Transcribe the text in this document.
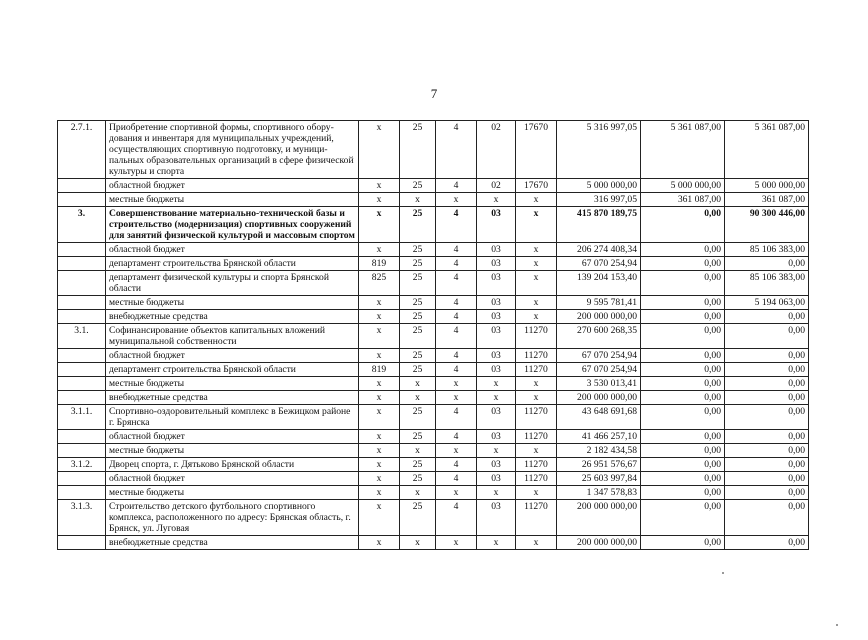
7
2.7.1.	Приобретение спортивной формы, спортивного обору-дования и инвентаря для муниципальных учреждений, осуществляющих спортивную подготовку, и муници-пальных образовательных организаций в сфере физической культуры и спорта	х	25	4	02	17670	5 316 997,05	5 361 087,00	5 361 087,00
	областной бюджет	х	25	4	02	17670	5 000 000,00	5 000 000,00	5 000 000,00
	местные бюджеты	х	х	х	х	х	316 997,05	361 087,00	361 087,00
3.	Совершенствование материально-технической базы и строительство (модернизация) спортивных сооружений для занятий физической культурой и массовым спортом	х	25	4	03	х	415 870 189,75	0,00	90 300 446,00
	областной бюджет	х	25	4	03	х	206 274 408,34	0,00	85 106 383,00
	департамент строительства Брянской области	819	25	4	03	х	67 070 254,94	0,00	0,00
	департамент физической культуры и спорта Брянской области	825	25	4	03	х	139 204 153,40	0,00	85 106 383,00
	местные бюджеты	х	25	4	03	х	9 595 781,41	0,00	5 194 063,00
	внебюджетные средства	х	25	4	03	х	200 000 000,00	0,00	0,00
3.1.	Софинансирование объектов капитальных вложений муниципальной собственности	х	25	4	03	11270	270 600 268,35	0,00	0,00
	областной бюджет	х	25	4	03	11270	67 070 254,94	0,00	0,00
	департамент строительства Брянской области	819	25	4	03	11270	67 070 254,94	0,00	0,00
	местные бюджеты	х	х	х	х	х	3 530 013,41	0,00	0,00
	внебюджетные средства	х	х	х	х	х	200 000 000,00	0,00	0,00
3.1.1.	Спортивно-оздоровительный комплекс в Бежицком районе г. Брянска	х	25	4	03	11270	43 648 691,68	0,00	0,00
	областной бюджет	х	25	4	03	11270	41 466 257,10	0,00	0,00
	местные бюджеты	х	х	х	х	х	2 182 434,58	0,00	0,00
3.1.2.	Дворец спорта, г. Дятьково Брянской области	х	25	4	03	11270	26 951 576,67	0,00	0,00
	областной бюджет	х	25	4	03	11270	25 603 997,84	0,00	0,00
	местные бюджеты	х	х	х	х	х	1 347 578,83	0,00	0,00
3.1.3.	Строительство детского футбольного спортивного комплекса, расположенного по адресу: Брянская область, г. Брянск, ул. Луговая	х	25	4	03	11270	200 000 000,00	0,00	0,00
	внебюджетные средства	х	х	х	х	х	200 000 000,00	0,00	0,00
